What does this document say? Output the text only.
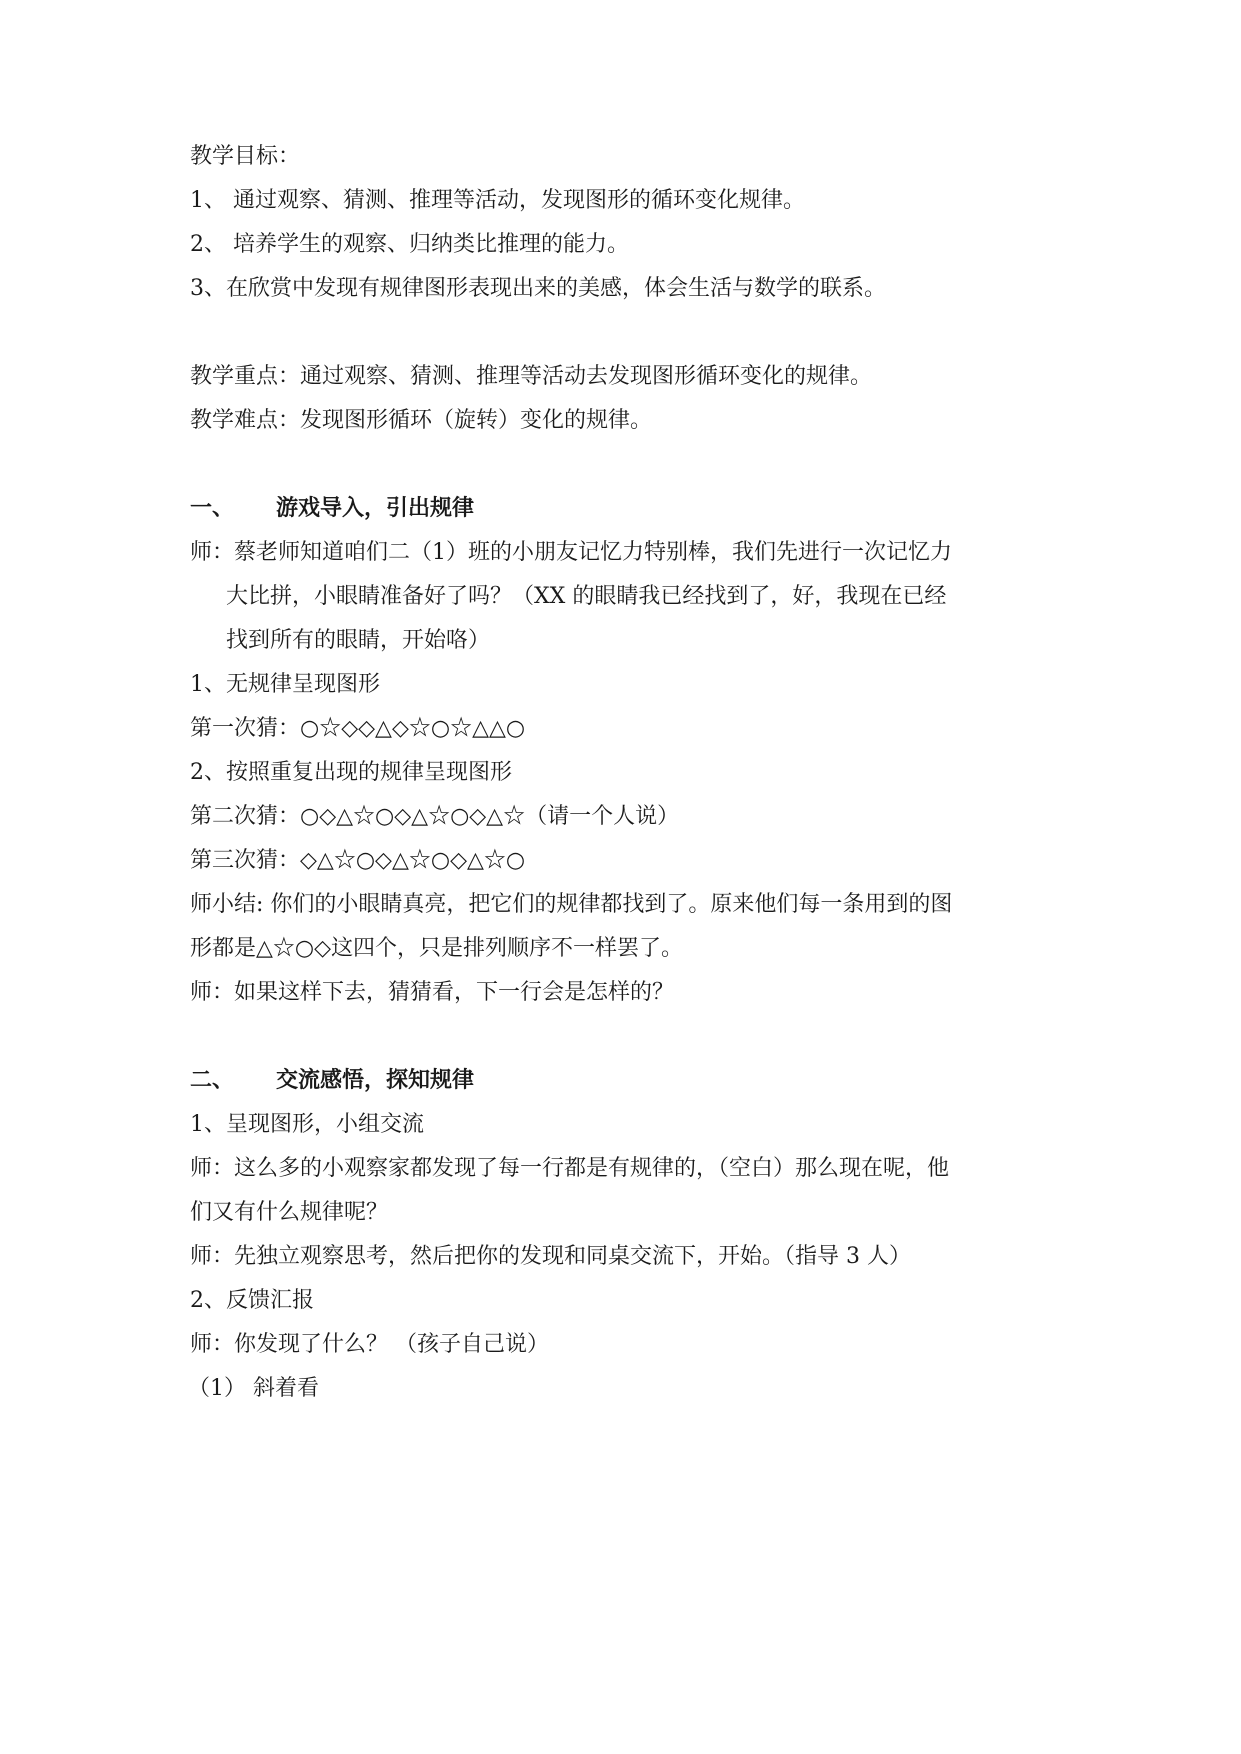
教学目标：
1、 通过观察、猜测、推理等活动，发现图形的循环变化规律。
2、 培养学生的观察、归纳类比推理的能力。
3、在欣赏中发现有规律图形表现出来的美感，体会生活与数学的联系。
教学重点：通过观察、猜测、推理等活动去发现图形循环变化的规律。
教学难点：发现图形循环（旋转）变化的规律。
一、 游戏导入，引出规律
师：蔡老师知道咱们二（1）班的小朋友记忆力特别棒，我们先进行一次记忆力
大比拼，小眼睛准备好了吗？（XX 的眼睛我已经找到了，好，我现在已经
找到所有的眼睛，开始咯）
1、无规律呈现图形
第一次猜：○☆◇◇△◇☆○☆△△○
2、按照重复出现的规律呈现图形
第二次猜：○◇△☆○◇△☆○◇△☆（请一个人说）
第三次猜：◇△☆○◇△☆○◇△☆○
师小结: 你们的小眼睛真亮，把它们的规律都找到了。原来他们每一条用到的图
形都是△☆○◇这四个，只是排列顺序不一样罢了。
师：如果这样下去，猜猜看，下一行会是怎样的？
二、 交流感悟，探知规律
1、呈现图形，小组交流
师：这么多的小观察家都发现了每一行都是有规律的，（空白）那么现在呢，他
们又有什么规律呢？
师：先独立观察思考，然后把你的发现和同桌交流下，开始。（指导 3 人）
2、反馈汇报
师：你发现了什么？ （孩子自己说）
（1） 斜着看
